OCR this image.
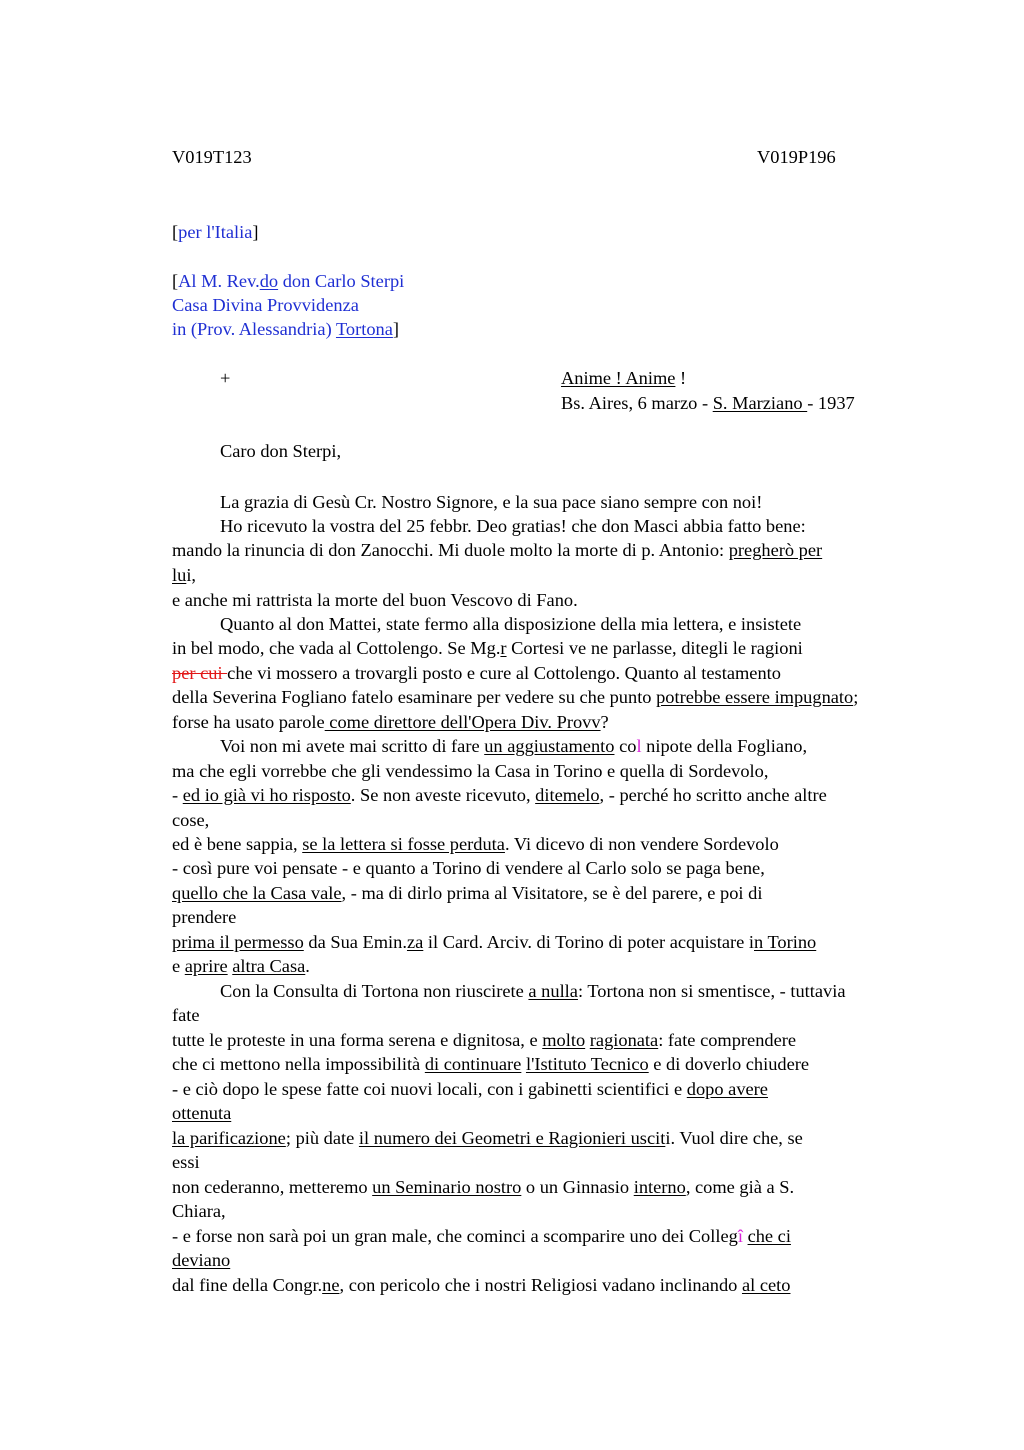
V019T123	V019P196
[per l'Italia]
[Al M. Rev.do don Carlo Sterpi
Casa Divina Provvidenza
in (Prov. Alessandria) Tortona]
+	Anime ! Anime !
Bs. Aires, 6 marzo - S. Marziano - 1937
Caro don Sterpi,
La grazia di Gesù Cr. Nostro Signore, e la sua pace siano sempre con noi!
Ho ricevuto la vostra del 25 febbr. Deo gratias! che don Masci abbia fatto bene:
mando la rinuncia di don Zanocchi. Mi duole molto la morte di p. Antonio: pregherò per
lui,
e anche mi rattrista la morte del buon Vescovo di Fano.
Quanto al don Mattei, state fermo alla disposizione della mia lettera, e insistete
in bel modo, che vada al Cottolengo. Se Mg.r Cortesi ve ne parlasse, ditegli le ragioni
per cui che vi mossero a trovargli posto e cure al Cottolengo. Quanto al testamento
della Severina Fogliano fatelo esaminare per vedere su che punto potrebbe essere impugnato;
forse ha usato parole come direttore dell'Opera Div. Provv?
Voi non mi avete mai scritto di fare un aggiustamento col nipote della Fogliano,
ma che egli vorrebbe che gli vendessimo la Casa in Torino e quella di Sordevolo,
- ed io già vi ho risposto. Se non aveste ricevuto, ditemelo, - perché ho scritto anche altre
cose,
ed è bene sappia, se la lettera si fosse perduta. Vi dicevo di non vendere Sordevolo
- così pure voi pensate - e quanto a Torino di vendere al Carlo solo se paga bene,
quello che la Casa vale, - ma di dirlo prima al Visitatore, se è del parere, e poi di
prendere
prima il permesso da Sua Emin.za il Card. Arciv. di Torino di poter acquistare in Torino
e aprire altra Casa.
Con la Consulta di Tortona non riuscirete a nulla: Tortona non si smentisce, - tuttavia
fate
tutte le proteste in una forma serena e dignitosa, e molto ragionata: fate comprendere
che ci mettono nella impossibilità di continuare l'Istituto Tecnico e di doverlo chiudere
- e ciò dopo le spese fatte coi nuovi locali, con i gabinetti scientifici e dopo avere
ottenuta
la parificazione; più date il numero dei Geometri e Ragionieri usciti. Vuol dire che, se
essi
non cederanno, metteremo un Seminario nostro o un Ginnasio interno, come già a S.
Chiara,
- e forse non sarà poi un gran male, che cominci a scomparire uno dei Collegî che ci
deviano
dal fine della Congr.ne, con pericolo che i nostri Religiosi vadano inclinando al ceto
